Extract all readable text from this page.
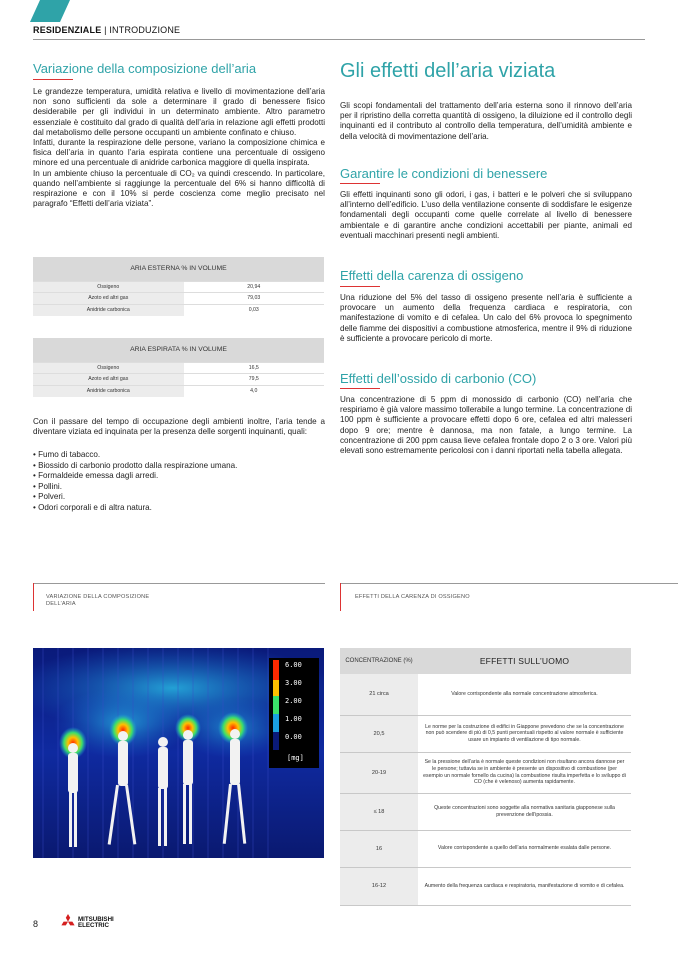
RESIDENZIALE | INTRODUZIONE
Variazione della composizione dell’aria

Le grandezze temperatura, umidità relativa e livello di movimentazione dell’aria non sono sufficienti da sole a determinare il grado di benessere fisico desiderabile per gli individui in un determinato ambiente. Altro parametro essenziale è costituito dal grado di qualità dell’aria in relazione agli effetti prodotti dal metabolismo delle persone occupanti un ambiente confinato e chiuso.

Infatti, durante la respirazione delle persone, variano la composizione chimica e fisica dell’aria in quanto l’aria espirata contiene una percentuale di ossigeno minore ed una percentuale di anidride carbonica maggiore di quella inspirata.

In un ambiente chiuso la percentuale di CO₂ va quindi crescendo. In particolare, quando nell’ambiente si raggiunge la percentuale del 6% si hanno difficoltà di respirazione e con il 10% si perde coscienza come meglio precisato nel paragrafo “Effetti dell’aria viziata”.

ARIA ESTERNA % IN VOLUME	
Ossigeno	20,94
Azoto ed altri gas	79,03
Anidride carbonica	0,03
ARIA ESPIRATA % IN VOLUME	
Ossigeno	16,5
Azoto ed altri gas	79,5
Anidride carbonica	4,0
Con il passare del tempo di occupazione degli ambienti inoltre, l’aria tende a diventare viziata ed inquinata per la presenza delle sorgenti inquinanti, quali:
• Fumo di tabacco.
• Biossido di carbonio prodotto dalla respirazione umana.
• Formaldeide emessa dagli arredi.
• Pollini.
• Polveri.
• Odori corporali e di altra natura.
Gli effetti dell’aria viziata
Gli scopi fondamentali del trattamento dell’aria esterna sono il rinnovo dell’aria per il ripristino della corretta quantità di ossigeno, la diluizione ed il controllo degli inquinanti ed il contributo al controllo della temperatura, dell’umidità ambiente e della velocità di movimentazione dell’aria.
Garantire le condizioni di benessere
Gli effetti inquinanti sono gli odori, i gas, i batteri e le polveri che si sviluppano all’interno dell’edificio. L’uso della ventilazione consente di soddisfare le esigenze fondamentali degli occupanti come quelle correlate al livello di benessere ambientale e di garantire anche condizioni accettabili per piante, animali ed eventuali macchinari presenti negli ambienti.
Effetti della carenza di ossigeno
Una riduzione del 5% del tasso di ossigeno presente nell’aria è sufficiente a provocare un aumento della frequenza cardiaca e respiratoria, con manifestazione di vomito e di cefalea. Un calo del 6% provoca lo spegnimento delle fiamme dei dispositivi a combustione atmosferica, mentre il 9% di riduzione è sufficiente a provocare pericolo di morte.
Effetti dell’ossido di carbonio (CO)
Una concentrazione di 5 ppm di monossido di carbonio (CO) nell’aria che respiriamo è già valore massimo tollerabile a lungo termine. La concentrazione di 100 ppm è sufficiente a provocare effetti dopo 6 ore, cefalea ed altri malesseri dopo 9 ore; mentre è dannosa, ma non fatale, a lungo termine. La concentrazione di 200 ppm causa lieve cefalea frontale dopo 2 o 3 ore. Valori più elevati sono estremamente pericolosi con i danni riportati nella tabella allegata.
VARIAZIONE DELLA COMPOSIZIONE DELL’ARIA
EFFETTI DELLA CARENZA DI OSSIGENO
6.00
3.00
2.00
1.00
0.00
[mg]
CONCENTRAZIONE (%)	EFFETTI SULL’UOMO
21 circa	Valore corrispondente alla normale concentrazione atmosferica.
20,5	Le norme per la costruzione di edifici in Giappone prevedono che se la concentrazione non può scendere di più di 0,5 punti percentuali rispetto al valore normale è sufficiente usare un impianto di ventilazione di tipo normale.
20-19	Se la pressione dell’aria è normale queste condizioni non risultano ancora dannose per le persone; tuttavia se in ambiente è presente un dispositivo di combustione (per esempio un normale fornello da cucina) la combustione risulta imperfetta e lo sviluppo di CO (che è velenoso) aumenta rapidamente.
≤ 18	Queste concentrazioni sono soggette alla normativa sanitaria giapponese sulla prevenzione dell’ipossia.
16	Valore corrispondente a quello dell’aria normalmente esalata dalle persone.
16-12	Aumento della frequenza cardiaca e respiratoria, manifestazione di vomito e di cefalea.
8	MITSUBISHI
ELECTRIC
